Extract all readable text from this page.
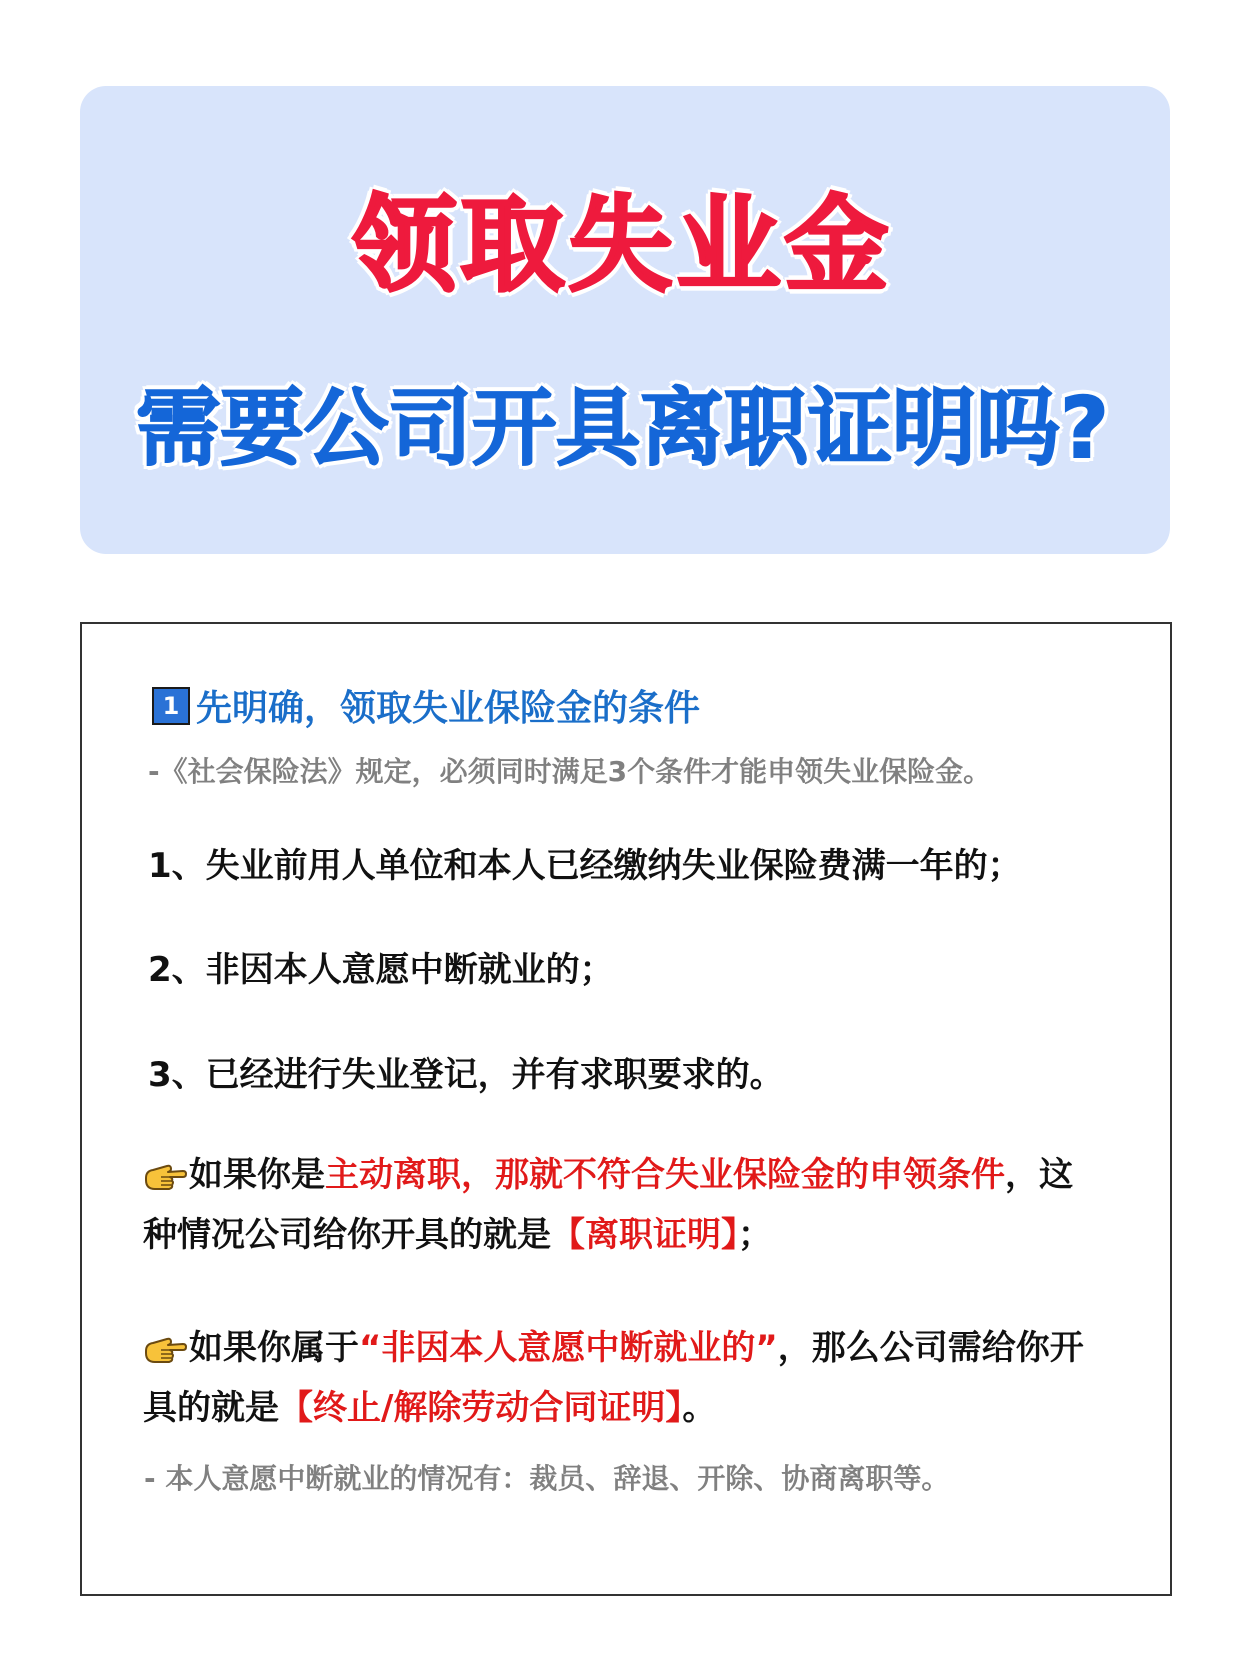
领取失业金
需要公司开具离职证明吗?
1 先明确，领取失业保险金的条件
-《社会保险法》规定，必须同时满足3个条件才能申领失业保险金。
1、失业前用人单位和本人已经缴纳失业保险费满一年的；
2、非因本人意愿中断就业的；
3、已经进行失业登记，并有求职要求的。
如果你是主动离职，那就不符合失业保险金的申领条件，这种情况公司给你开具的就是【离职证明】；
如果你属于“非因本人意愿中断就业的”，那么公司需给你开具的就是【终止/解除劳动合同证明】。
- 本人意愿中断就业的情况有：裁员、辞退、开除、协商离职等。
